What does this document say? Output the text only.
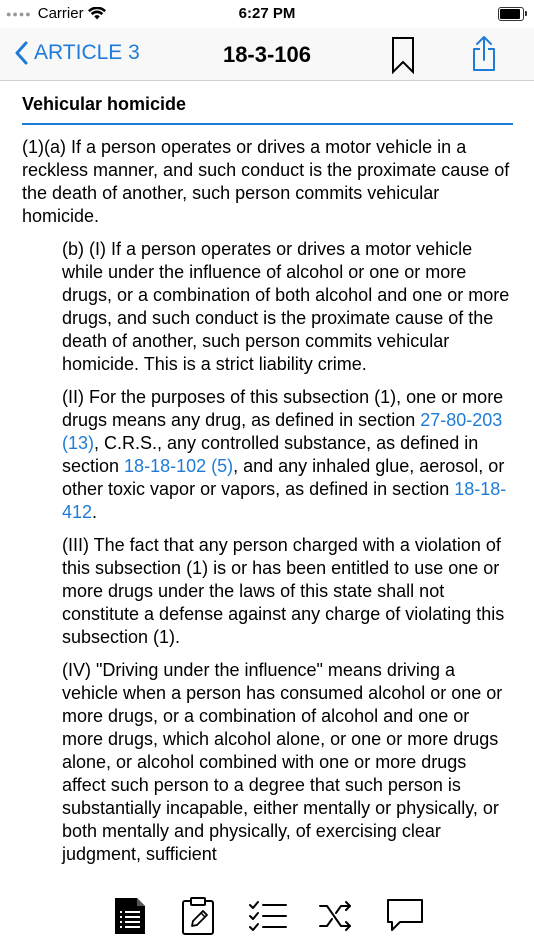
●●●● Carrier	6:27 PM
ARTICLE 3	18-3-106
Vehicular homicide

(1)(a) If a person operates or drives a motor vehicle in a reckless manner, and such conduct is the proximate cause of the death of another, such person commits vehicular homicide.

(b) (I) If a person operates or drives a motor vehicle while under the influence of alcohol or one or more drugs, or a combination of both alcohol and one or more drugs, and such conduct is the proximate cause of the death of another, such person commits vehicular homicide. This is a strict liability crime.

(II) For the purposes of this subsection (1), one or more drugs means any drug, as defined in section 27-80-203 (13), C.R.S., any controlled substance, as defined in section 18-18-102 (5), and any inhaled glue, aerosol, or other toxic vapor or vapors, as defined in section 18-18-412.

(III) The fact that any person charged with a violation of this subsection (1) is or has been entitled to use one or more drugs under the laws of this state shall not constitute a defense against any charge of violating this subsection (1).

(IV) "Driving under the influence" means driving a vehicle when a person has consumed alcohol or one or more drugs, or a combination of alcohol and one or more drugs, which alcohol alone, or one or more drugs alone, or alcohol combined with one or more drugs affect such person to a degree that such person is substantially incapable, either mentally or physically, or both mentally and physically, of exercising clear judgment, sufficient
